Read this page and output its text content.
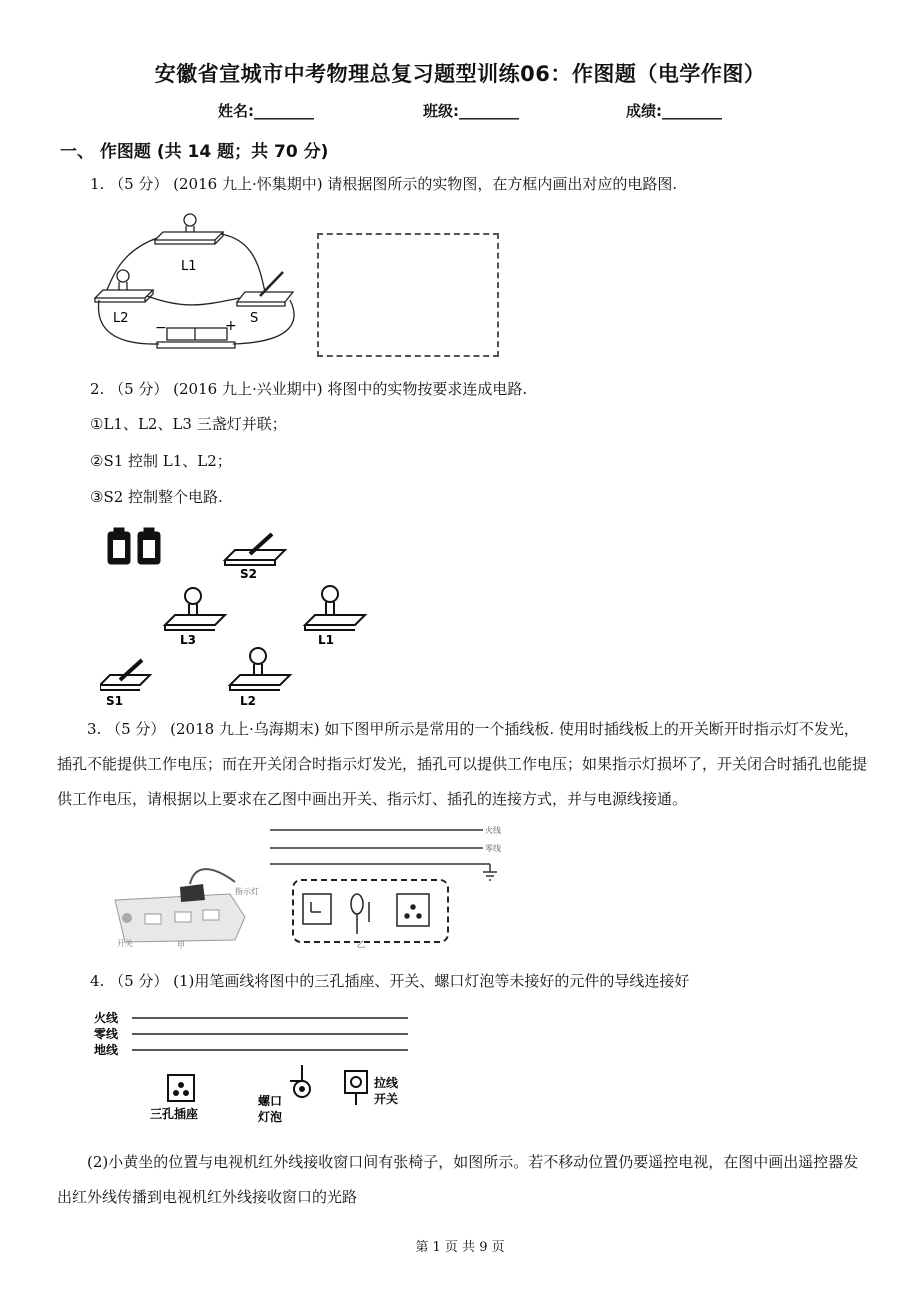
安徽省宣城市中考物理总复习题型训练06：作图题（电学作图）
姓名:________	班级:________	成绩:________
一、 作图题 (共 14 题；共 70 分)
1. （5 分） (2016 九上·怀集期中) 请根据图所示的实物图，在方框内画出对应的电路图.
L1
L2	S
−	+
2. （5 分） (2016 九上·兴业期中) 将图中的实物按要求连成电路.
①L1、L2、L3 三盏灯并联；
②S1 控制 L1、L2；
③S2 控制整个电路.
S2
L3	L1
S1	L2
3. （5 分） (2018 九上·乌海期末) 如下图甲所示是常用的一个插线板. 使用时插线板上的开关断开时指示灯不发光，插孔不能提供工作电压；而在开关闭合时指示灯发光，插孔可以提供工作电压；如果指示灯损坏了，开关闭合时插孔也能提供工作电压，请根据以上要求在乙图中画出开关、指示灯、插孔的连接方式，并与电源线接通。
火线
零线
指示灯
开关	甲	乙
4. （5 分） (1)用笔画线将图中的三孔插座、开关、螺口灯泡等未接好的元件的导线连接好
火线
零线
地线
三孔插座
螺口
灯泡
拉线
开关
(2)小黄坐的位置与电视机红外线接收窗口间有张椅子，如图所示。若不移动位置仍要遥控电视，在图中画出遥控器发出红外线传播到电视机红外线接收窗口的光路
第 1 页 共 9 页
